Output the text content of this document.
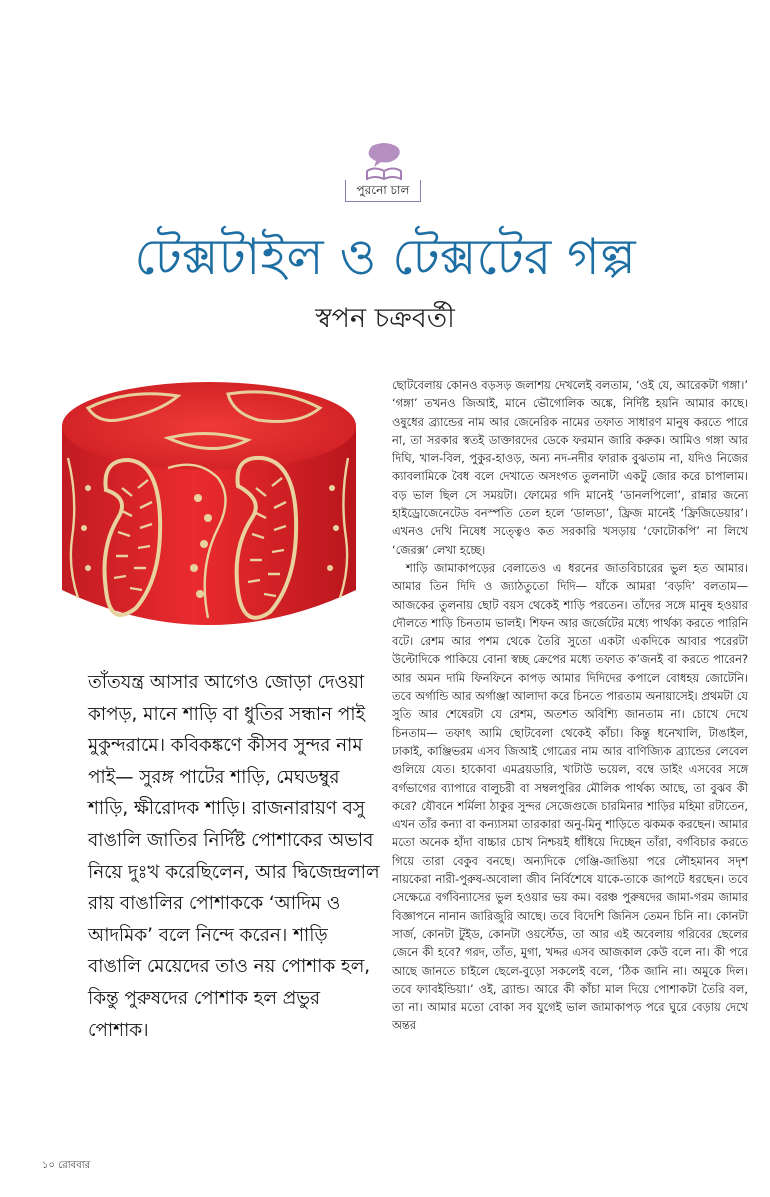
পুরনো চাল
টেক্সটাইল ও টেক্সটের গল্প
স্বপন চক্রবর্তী

তাঁতযন্ত্র আসার আগেও জোড়া দেওয়া কাপড়, মানে শাড়ি বা ধুতির সন্ধান পাই মুকুন্দরামে। কবিকঙ্কণে কীসব সুন্দর নাম পাই— সুরঙ্গ পাটের শাড়ি, মেঘডম্বুর শাড়ি, ক্ষীরোদক শাড়ি। রাজনারায়ণ বসু বাঙালি জাতির নির্দিষ্ট পোশাকের অভাব নিয়ে দুঃখ করেছিলেন, আর দ্বিজেন্দ্রলাল রায় বাঙালির পোশাককে ‘আদিম ও আদমিক’ বলে নিন্দে করেন। শাড়ি বাঙালি মেয়েদের তাও নয় পোশাক হল, কিন্তু পুরুষদের পোশাক হল প্রভুর পোশাক।

ছোটবেলায় কোনও বড়সড় জলাশয় দেখলেই বলতাম, ‘ওই যে, আরেকটা গঙ্গা।’ ‘গঙ্গা’ তখনও জিআই, মানে ভৌগোলিক অঙ্কে, নির্দিষ্ট হয়নি আমার কাছে। ওষুধের ব্র্যান্ডের নাম আর জেনেরিক নামের তফাত সাধারণ মানুষ করতে পারে না, তা সরকার স্বতই ডাক্তারদের ডেকে ফরমান জারি করুক। আমিও গঙ্গা আর দিঘি, খাল-বিল, পুকুর-হাওড়, অন্য নদ-নদীর ফারাক বুঝতাম না, যদিও নিজের ক্যাবলামিকে বৈধ বলে দেখাতে অসংগত তুলনাটা একটু জোর করে চাপালাম। বড় ভাল ছিল সে সময়টা। ফোমের গদি মানেই ‘ডানলপিলো’, রান্নার জন্যে হাইড্রোজেনেটেড বনস্পতি তেল হলে ‘ডালডা’, ফ্রিজ মানেই ‘ফ্রিজিডেয়ার’। এখনও দেখি নিষেধ সত্ত্বেও কত সরকারি খসড়ায় ‘ফোটোকপি’ না লিখে ‘জেরক্স’ লেখা হচ্ছে।

শাড়ি জামাকাপড়ের বেলাতেও এ ধরনের জাতবিচারের ভুল হত আমার। আমার তিন দিদি ও জ্যাঠতুতো দিদি— যাঁকে আমরা ‘বড়দি’ বলতাম— আজকের তুলনায় ছোট বয়স থেকেই শাড়ি পরতেন। তাঁদের সঙ্গে মানুষ হওয়ার দৌলতে শাড়ি চিনতাম ভালই। শিফন আর জর্জেটের মধ্যে পার্থক্য করতে পারিনি বটে। রেশম আর পশম থেকে তৈরি সুতো একটা একদিকে আবার পরেরটা উল্টোদিকে পাকিয়ে বোনা স্বচ্ছ ক্রেপের মধ্যে তফাত ক’জনই বা করতে পারেন? আর অমন দামি ফিনফিনে কাপড় আমার দিদিদের কপালে বোধহয় জোটেনি। তবে অর্গান্ডি আর অর্গাঞ্জা আলাদা করে চিনতে পারতাম অনায়াসেই। প্রথমটা যে সুতি আর শেষেরটা যে রেশম, অতশত অবিশ্যি জানতাম না। চোখে দেখে চিনতাম— তফাৎ আমি ছোটবেলা থেকেই কাঁচা। কিন্তু ধনেখালি, টাঙাইল, ঢাকাই, কাঞ্জিভরম এসব জিআই গোত্রের নাম আর বাণিজ্যিক ব্র্যান্ডের লেবেল গুলিয়ে যেত। হাকোবা এমব্রয়ডারি, খাটাউ ভয়েল, বম্বে ডাইং এসবের সঙ্গে বর্গভাগের ব্যাপারে বালুচরী বা সম্বলপুরির মৌলিক পার্থক্য আছে, তা বুঝব কী করে? যৌবনে শর্মিলা ঠাকুর সুন্দর সেজেগুজে চারমিনার শাড়ির মহিমা রটাতেন, এখন তাঁর কন্যা বা কন্যাসমা তারকারা অনু-মিনু শাড়িতে ঝকমক করছেন। আমার মতো অনেক হাঁদা বাচ্চার চোখ নিশ্চয়ই ধাঁধিয়ে দিচ্ছেন তাঁরা, বর্গবিচার করতে গিয়ে তারা বেকুব বনছে। অন্যদিকে গেঞ্জি-জাঙিয়া পরে লৌহমানব সদৃশ নায়কেরা নারী-পুরুষ-অবোলা জীব নির্বিশেষে যাকে-তাকে জাপটে ধরছেন। তবে সেক্ষেত্রে বর্গবিন্যাসের ভুল হওয়ার ভয় কম। বরঞ্চ পুরুষদের জামা-গরম জামার বিজ্ঞাপনে নানান জারিজুরি আছে। তবে বিদেশি জিনিস তেমন চিনি না। কোনটা সার্জ, কোনটা টুইড, কোনটা ওয়র্স্টেড, তা আর এই অবেলায় গরিবের ছেলের জেনে কী হবে? গরদ, তাঁত, মুগা, খদ্দর এসব আজকাল কেউ বলে না। কী পরে আছে জানতে চাইলে ছেলে-বুড়ো সকলেই বলে, ‘ঠিক জানি না। অমুকে দিল। তবে ফ্যাবইন্ডিয়া।’ ওই, ব্র্যান্ড। আরে কী কাঁচা মাল দিয়ে পোশাকটা তৈরি বল, তা না। আমার মতো বোকা সব যুগেই ভাল জামাকাপড় পরে ঘুরে বেড়ায় দেখে অন্তর

১০ রোববার
